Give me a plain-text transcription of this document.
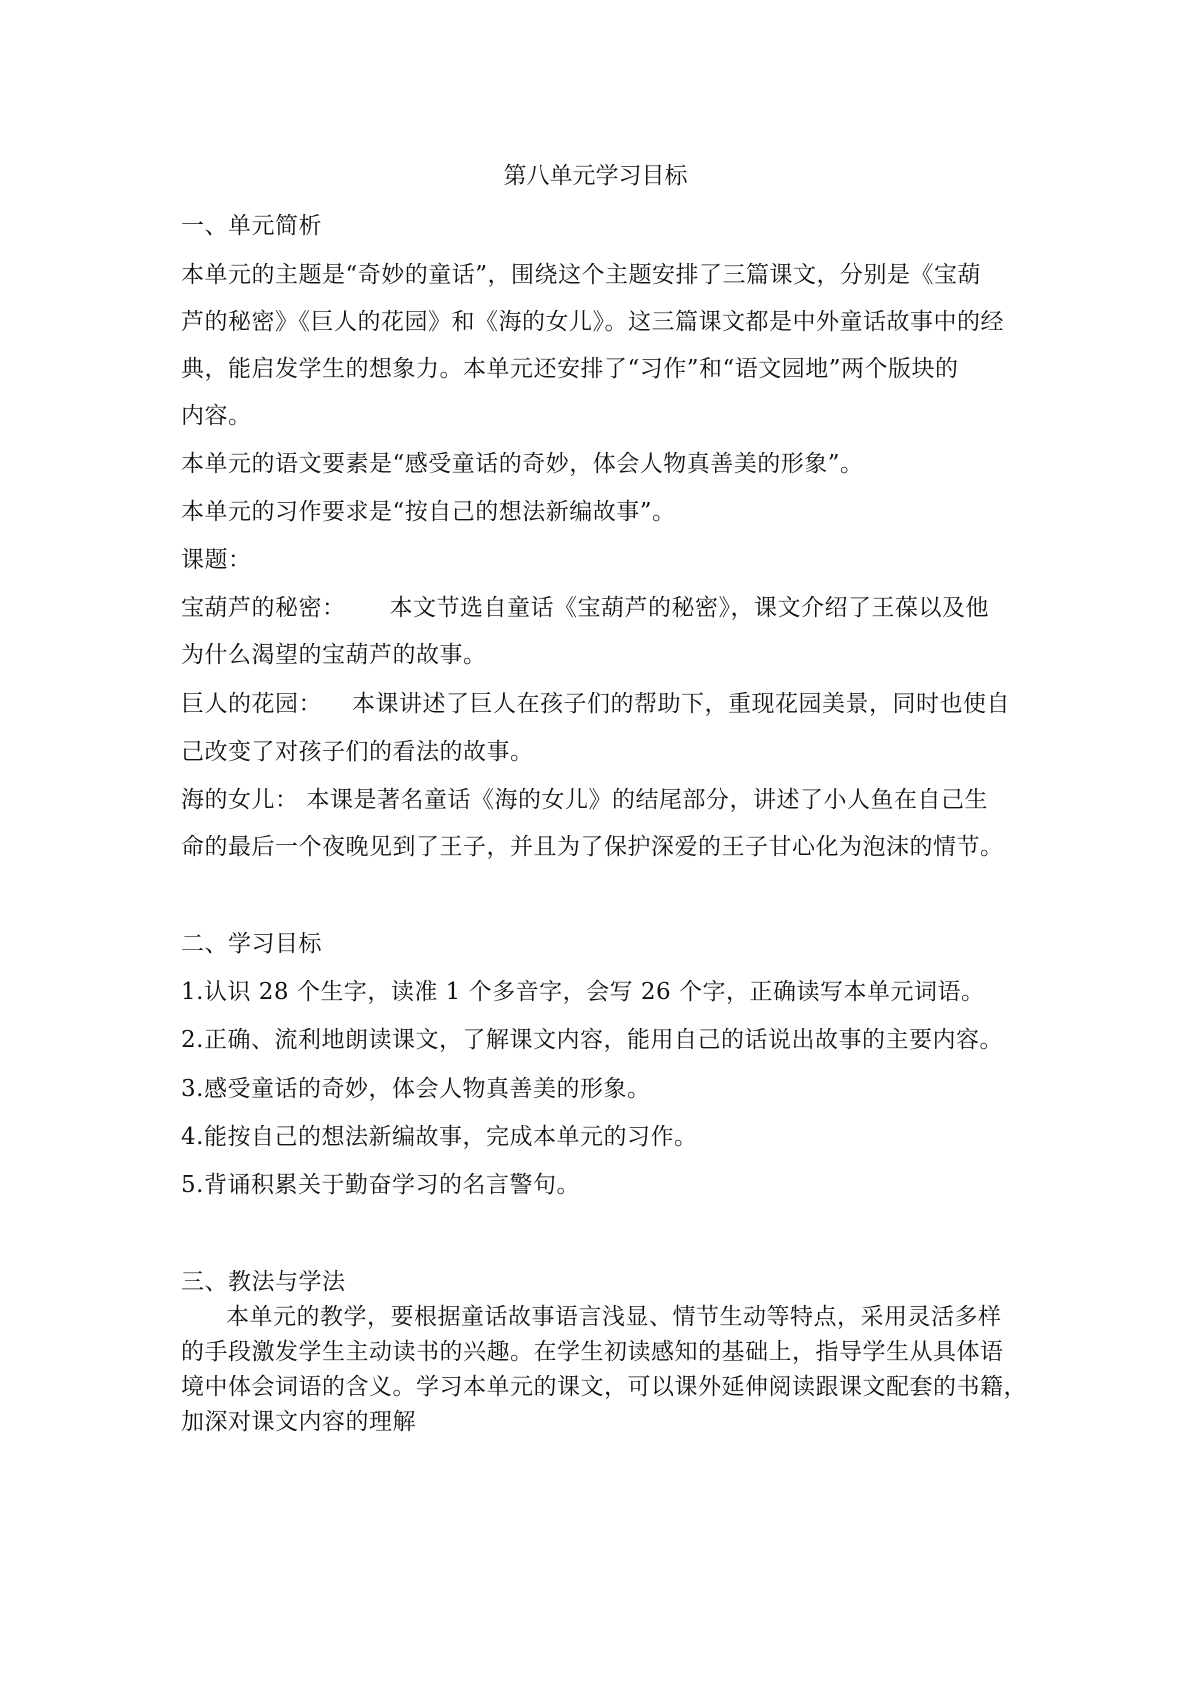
第八单元学习目标
一、单元简析
本单元的主题是“奇妙的童话”，围绕这个主题安排了三篇课文，分别是《宝葫
芦的秘密》《巨人的花园》和《海的女儿》。这三篇课文都是中外童话故事中的经
典，能启发学生的想象力。本单元还安排了“习作”和“语文园地”两个版块的
内容。
本单元的语文要素是“感受童话的奇妙，体会人物真善美的形象”。
本单元的习作要求是“按自己的想法新编故事”。
课题：
宝葫芦的秘密： 本文节选自童话《宝葫芦的秘密》，课文介绍了王葆以及他
为什么渴望的宝葫芦的故事。
巨人的花园： 本课讲述了巨人在孩子们的帮助下，重现花园美景，同时也使自
己改变了对孩子们的看法的故事。
海的女儿： 本课是著名童话《海的女儿》的结尾部分，讲述了小人鱼在自己生
命的最后一个夜晚见到了王子，并且为了保护深爱的王子甘心化为泡沫的情节。
二、学习目标
1.认识 28 个生字，读准 1 个多音字，会写 26 个字，正确读写本单元词语。
2.正确、流利地朗读课文，了解课文内容，能用自己的话说出故事的主要内容。
3.感受童话的奇妙，体会人物真善美的形象。
4.能按自己的想法新编故事，完成本单元的习作。
5.背诵积累关于勤奋学习的名言警句。
三、教法与学法
本单元的教学，要根据童话故事语言浅显、情节生动等特点，采用灵活多样
的手段激发学生主动读书的兴趣。在学生初读感知的基础上，指导学生从具体语
境中体会词语的含义。学习本单元的课文，可以课外延伸阅读跟课文配套的书籍，
加深对课文内容的理解
